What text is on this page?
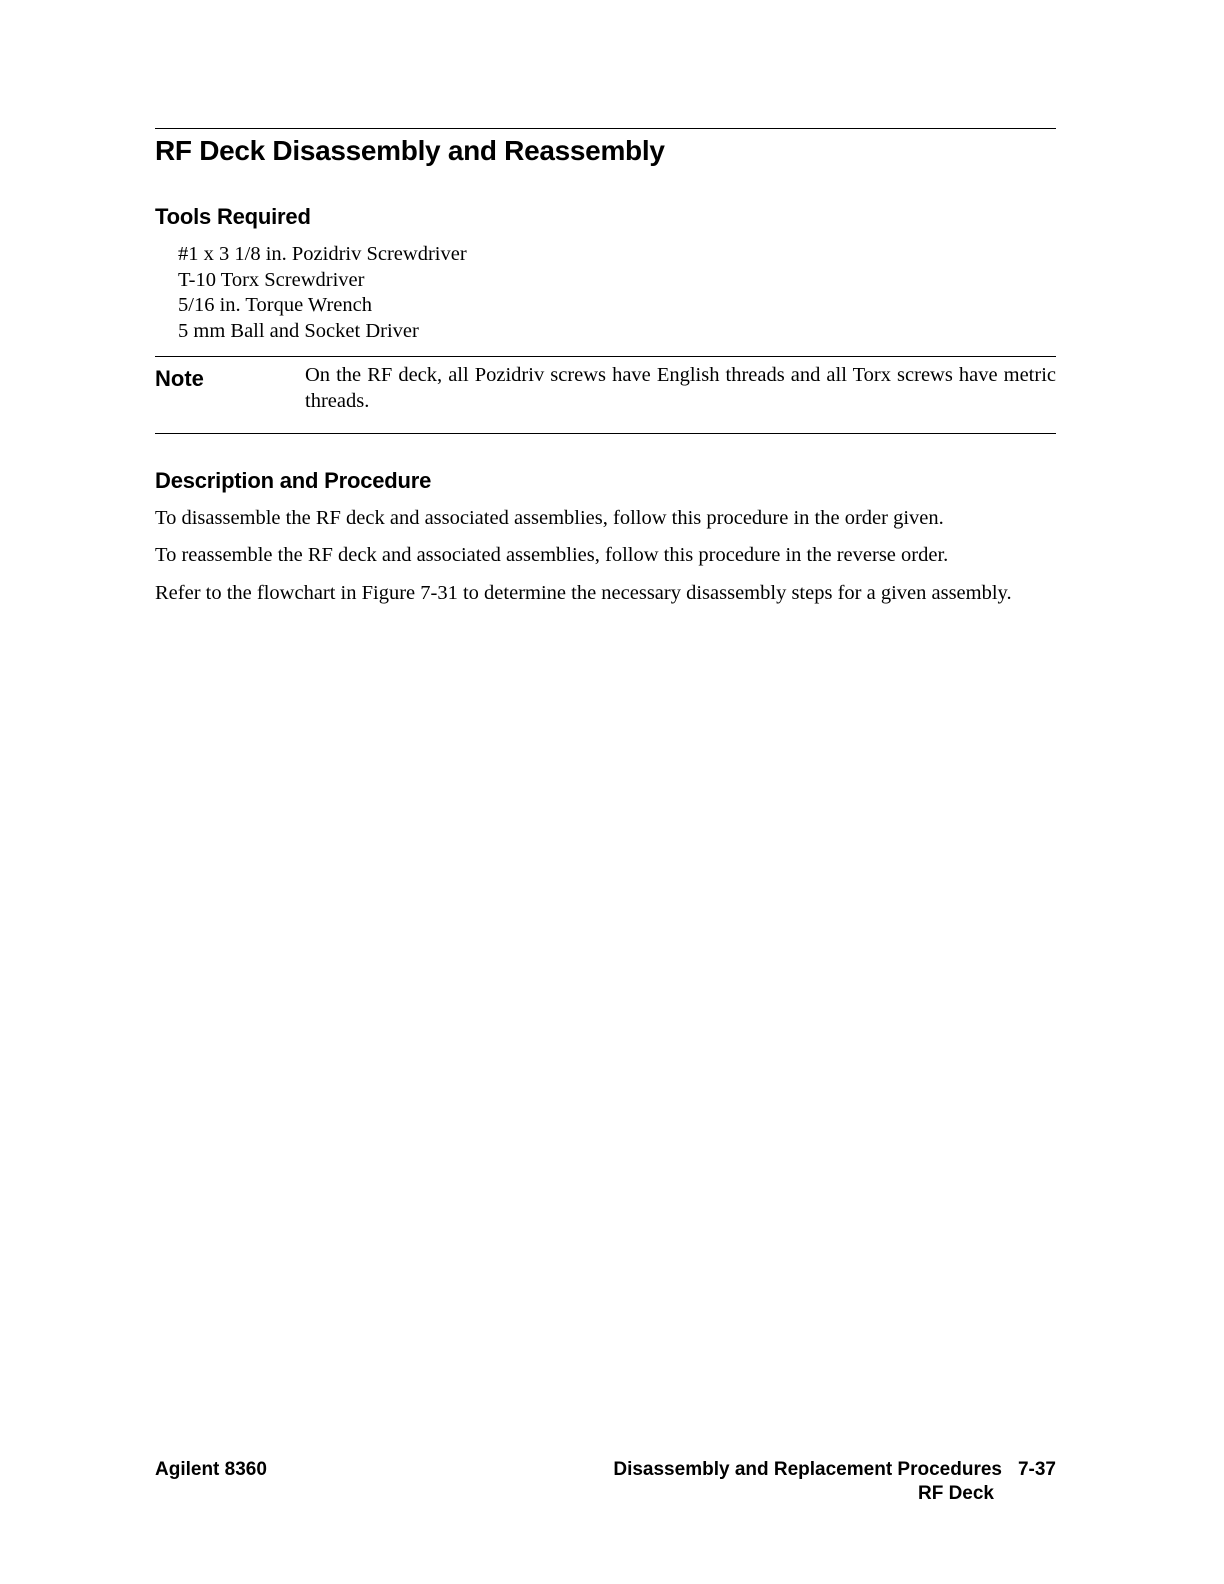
RF Deck Disassembly and Reassembly
Tools Required
#1 x 3 1/8 in. Pozidriv Screwdriver
T-10 Torx Screwdriver
5/16 in. Torque Wrench
5 mm Ball and Socket Driver
Note	On the RF deck, all Pozidriv screws have English threads and all Torx screws have metric threads.
Description and Procedure

To disassemble the RF deck and associated assemblies, follow this procedure in the order given.

To reassemble the RF deck and associated assemblies, follow this procedure in the reverse order.

Refer to the flowchart in Figure 7-31 to determine the necessary disassembly steps for a given assembly.

Agilent 8360	Disassembly and Replacement Procedures 7-37
RF Deck
